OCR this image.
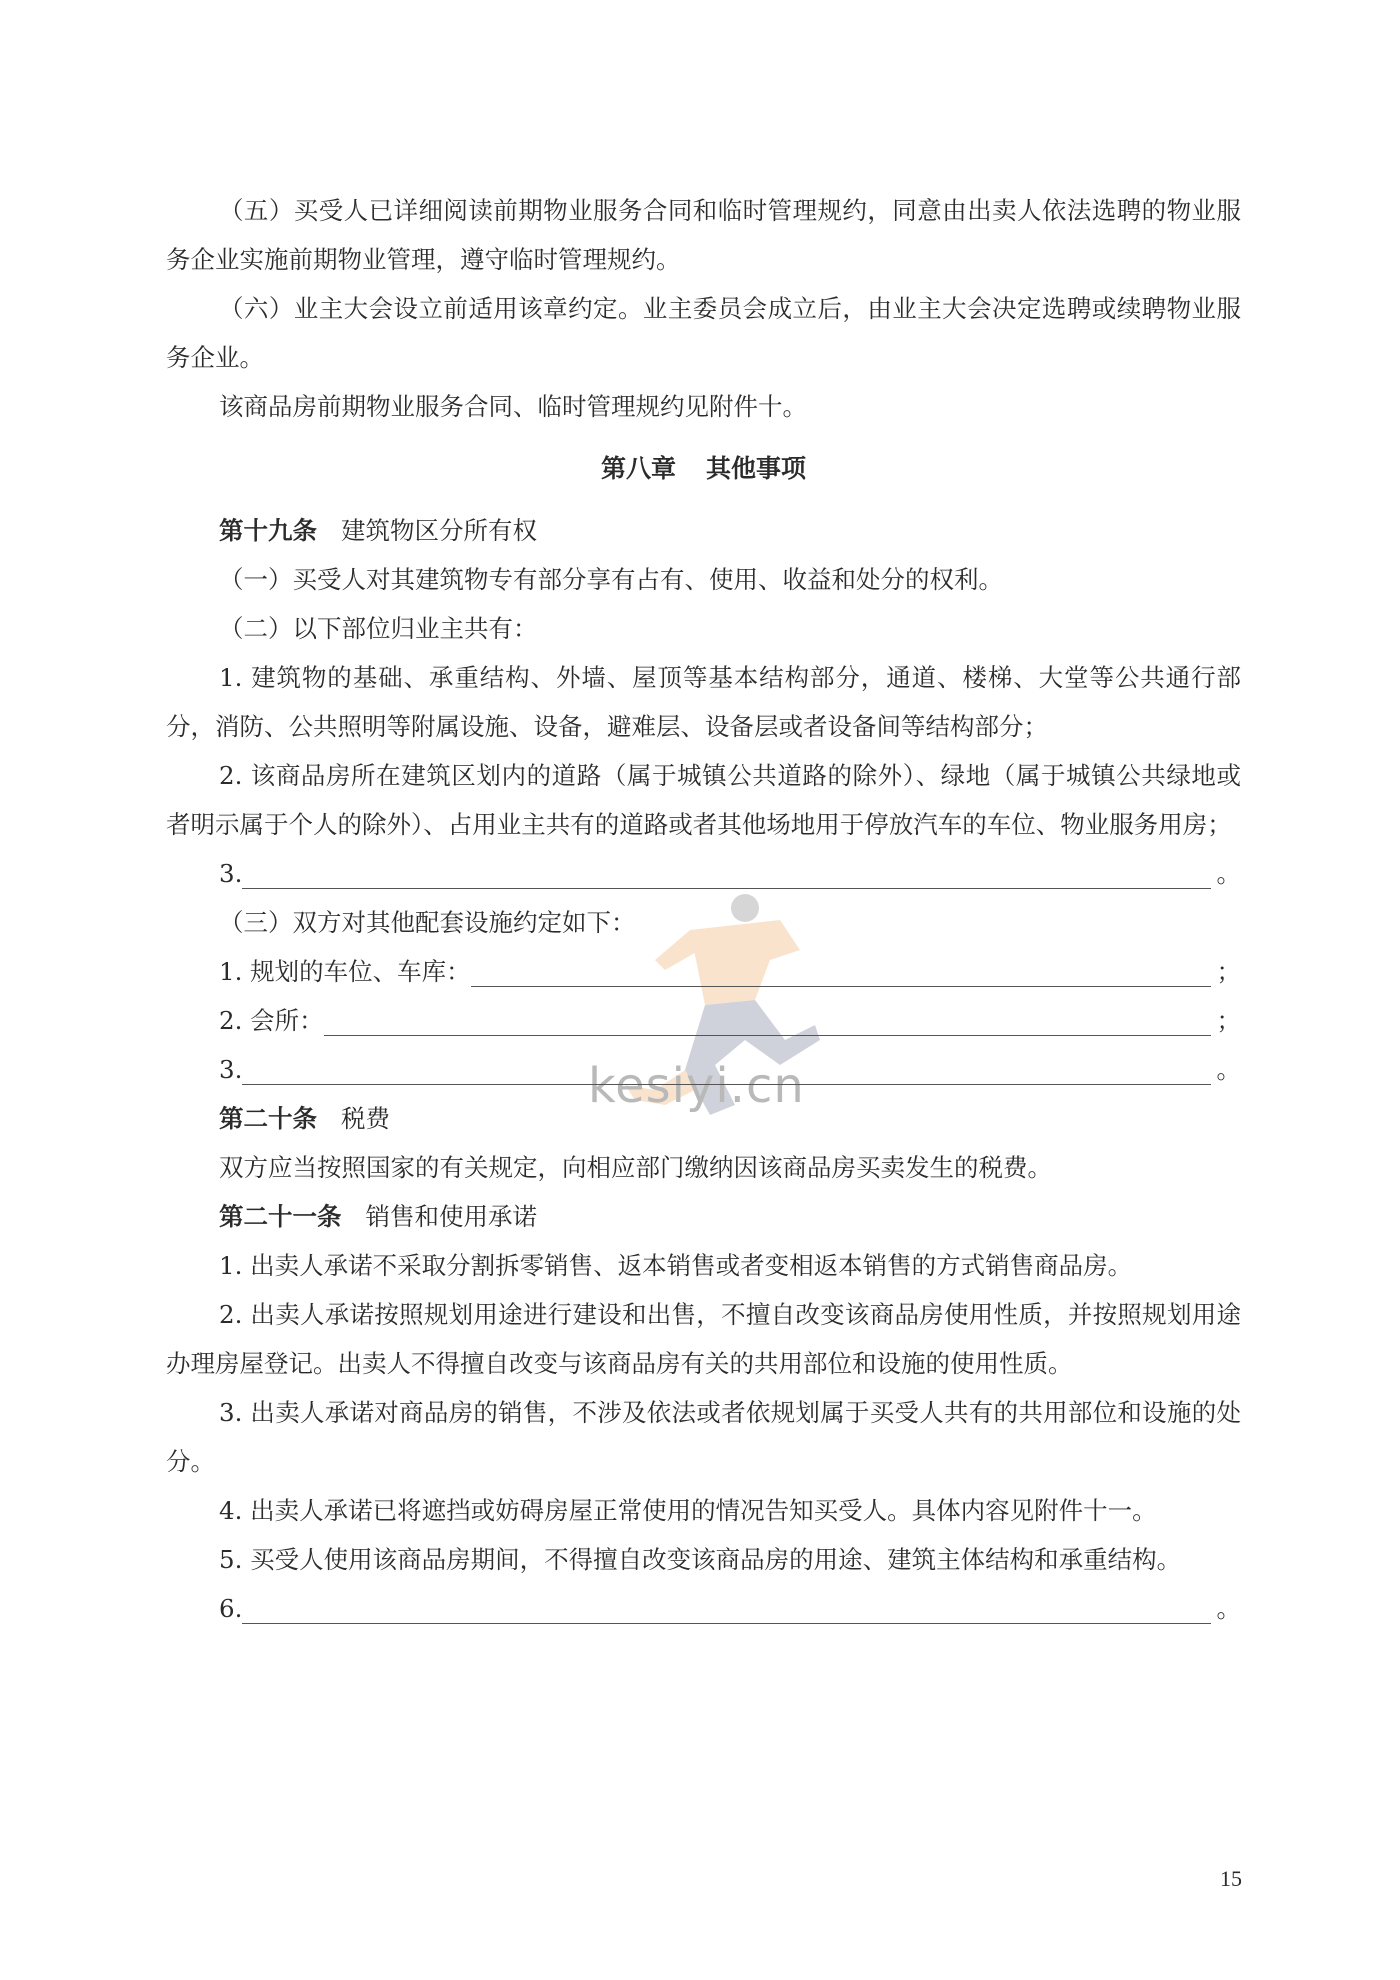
kesiyi.cn

（五）买受人已详细阅读前期物业服务合同和临时管理规约，同意由出卖人依法选聘的物业服务企业实施前期物业管理，遵守临时管理规约。

（六）业主大会设立前适用该章约定。业主委员会成立后，由业主大会决定选聘或续聘物业服务企业。

该商品房前期物业服务合同、临时管理规约见附件十。

第八章 其他事项
第十九条 建筑物区分所有权

（一）买受人对其建筑物专有部分享有占有、使用、收益和处分的权利。

（二）以下部位归业主共有：

1. 建筑物的基础、承重结构、外墙、屋顶等基本结构部分，通道、楼梯、大堂等公共通行部分，消防、公共照明等附属设施、设备，避难层、设备层或者设备间等结构部分；

2. 该商品房所在建筑区划内的道路（属于城镇公共道路的除外）、绿地（属于城镇公共绿地或者明示属于个人的除外）、占用业主共有的道路或者其他场地用于停放汽车的车位、物业服务用房；

3.	。

（三）双方对其他配套设施约定如下：

1. 规划的车位、车库：	；
2. 会所：	；
3.	。
第二十条 税费

双方应当按照国家的有关规定，向相应部门缴纳因该商品房买卖发生的税费。

第二十一条 销售和使用承诺

1. 出卖人承诺不采取分割拆零销售、返本销售或者变相返本销售的方式销售商品房。

2. 出卖人承诺按照规划用途进行建设和出售，不擅自改变该商品房使用性质，并按照规划用途办理房屋登记。出卖人不得擅自改变与该商品房有关的共用部位和设施的使用性质。

3. 出卖人承诺对商品房的销售，不涉及依法或者依规划属于买受人共有的共用部位和设施的处分。

4. 出卖人承诺已将遮挡或妨碍房屋正常使用的情况告知买受人。具体内容见附件十一。

5. 买受人使用该商品房期间，不得擅自改变该商品房的用途、建筑主体结构和承重结构。

6.	。
15
